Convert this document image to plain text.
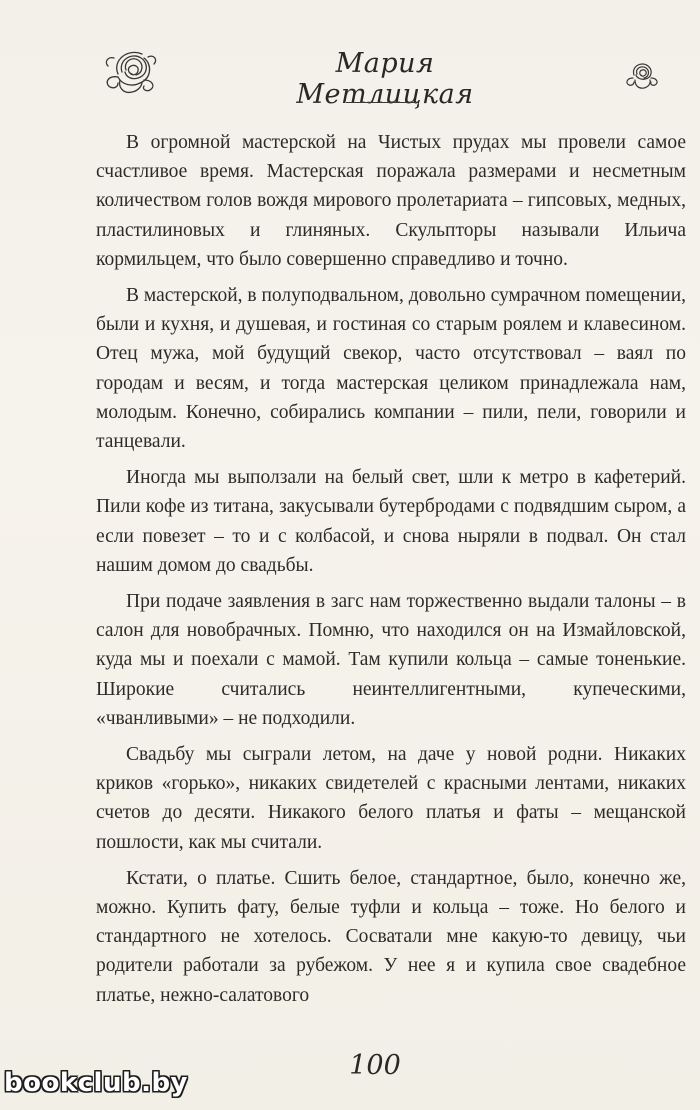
Мария Метлицкая

В огромной мастерской на Чистых прудах мы провели самое счастливое время. Мастерская поражала размерами и несметным количеством голов вождя мирового пролетариата – гипсовых, медных, пластилиновых и глиняных. Скульпторы называли Ильича кормильцем, что было совершенно справедливо и точно.

В мастерской, в полуподвальном, довольно сумрачном помещении, были и кухня, и душевая, и гостиная со старым роялем и клавесином. Отец мужа, мой будущий свекор, часто отсутствовал – ваял по городам и весям, и тогда мастерская целиком принадлежала нам, молодым. Конечно, собирались компании – пили, пели, говорили и танцевали.

Иногда мы выползали на белый свет, шли к метро в кафетерий. Пили кофе из титана, закусывали бутербродами с подвядшим сыром, а если повезет – то и с колбасой, и снова ныряли в подвал. Он стал нашим домом до свадьбы.

При подаче заявления в загс нам торжественно выдали талоны – в салон для новобрачных. Помню, что находился он на Измайловской, куда мы и поехали с мамой. Там купили кольца – самые тоненькие. Широкие считались неинтеллигентными, купеческими, «чванливыми» – не подходили.

Свадьбу мы сыграли летом, на даче у новой родни. Никаких криков «горько», никаких свидетелей с красными лентами, никаких счетов до десяти. Никакого белого платья и фаты – мещанской пошлости, как мы считали.

Кстати, о платье. Сшить белое, стандартное, было, конечно же, можно. Купить фату, белые туфли и кольца – тоже. Но белого и стандартного не хотелось. Сосватали мне какую-то девицу, чьи родители работали за рубежом. У нее я и купила свое свадебное платье, нежно-салатового

100
bookclub.by
